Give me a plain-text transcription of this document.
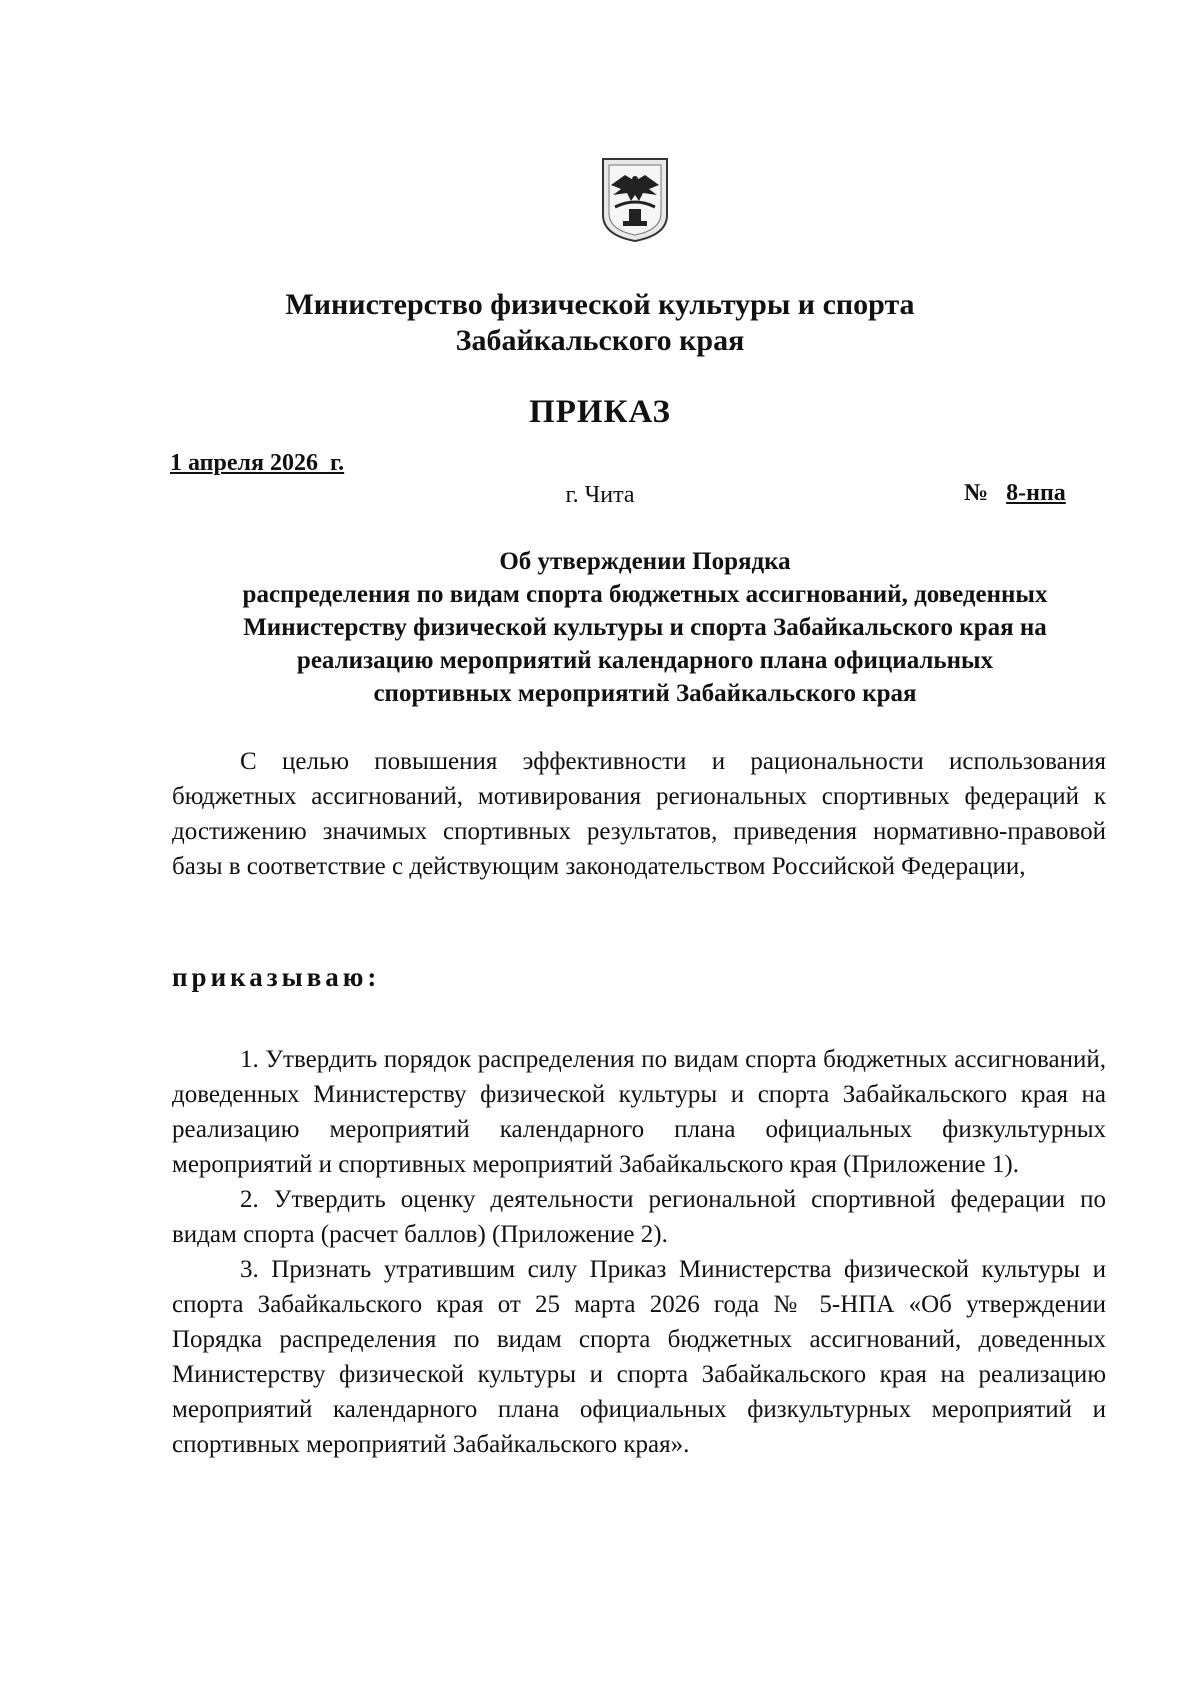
Министерство физической культуры и спорта
Забайкальского края
ПРИКАЗ
1 апреля 2026  г.

№ 8-нпа

г. Чита
Об утверждении Порядка
распределения по видам спорта бюджетных ассигнований, доведенных
Министерству физической культуры и спорта Забайкальского края на
реализацию мероприятий календарного плана официальных
спортивных мероприятий Забайкальского края

С целью повышения эффективности и рациональности использования бюджетных ассигнований, мотивирования региональных спортивных федераций к достижению значимых спортивных результатов, приведения нормативно-правовой базы в соответствие с действующим законодательством Российской Федерации,

приказываю:

1. Утвердить порядок распределения по видам спорта бюджетных ассигнований, доведенных Министерству физической культуры и спорта Забайкальского края на реализацию мероприятий календарного плана официальных физкультурных мероприятий и спортивных мероприятий Забайкальского края (Приложение 1).

2. Утвердить оценку деятельности региональной спортивной федерации по видам спорта (расчет баллов) (Приложение 2).

3. Признать утратившим силу Приказ Министерства физической культуры и спорта Забайкальского края от 25 марта 2026 года № 5-НПА «Об утверждении Порядка распределения по видам спорта бюджетных ассигнований, доведенных Министерству физической культуры и спорта Забайкальского края на реализацию мероприятий календарного плана официальных физкультурных мероприятий и спортивных мероприятий Забайкальского края».
